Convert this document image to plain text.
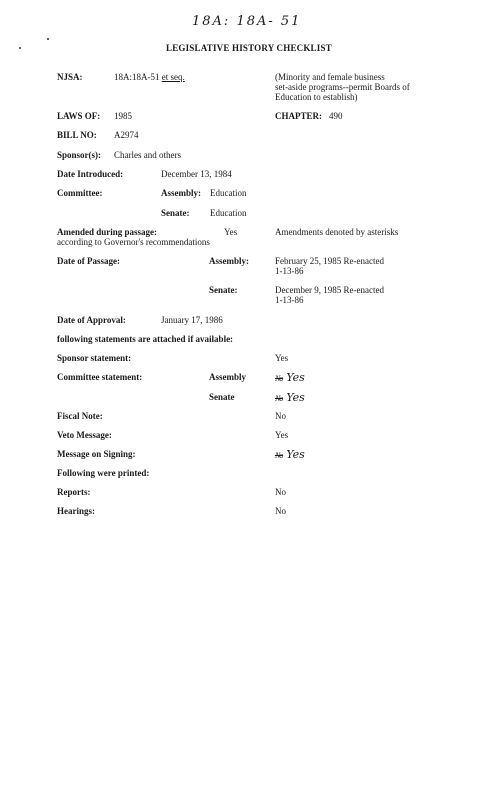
18A: 18A- 51
LEGISLATIVE HISTORY CHECKLIST
NJSA:	18A:18A-51 et seq.	(Minority and female business
set-aside programs--permit Boards of
Education to establish)
LAWS OF: 1985	CHAPTER: 490
BILL NO: A2974
Sponsor(s): Charles and others
Date Introduced:	December 13, 1984
Committee:	Assembly: Education
Senate: Education
Amended during passage:	Yes	Amendments denoted by asterisks
according to Governor's recommendations
Date of Passage:	Assembly:	February 25, 1985 Re-enacted
1-13-86
Senate:	December 9, 1985 Re-enacted
1-13-86
Date of Approval:	January 17, 1986
following statements are attached if available:
Sponsor statement:	Yes
Committee statement:	Assembly	No Yes
Senate	No Yes
Fiscal Note:	No
Veto Message:	Yes
Message on Signing:	No Yes
Following were printed:
Reports:	No
Hearings:	No
